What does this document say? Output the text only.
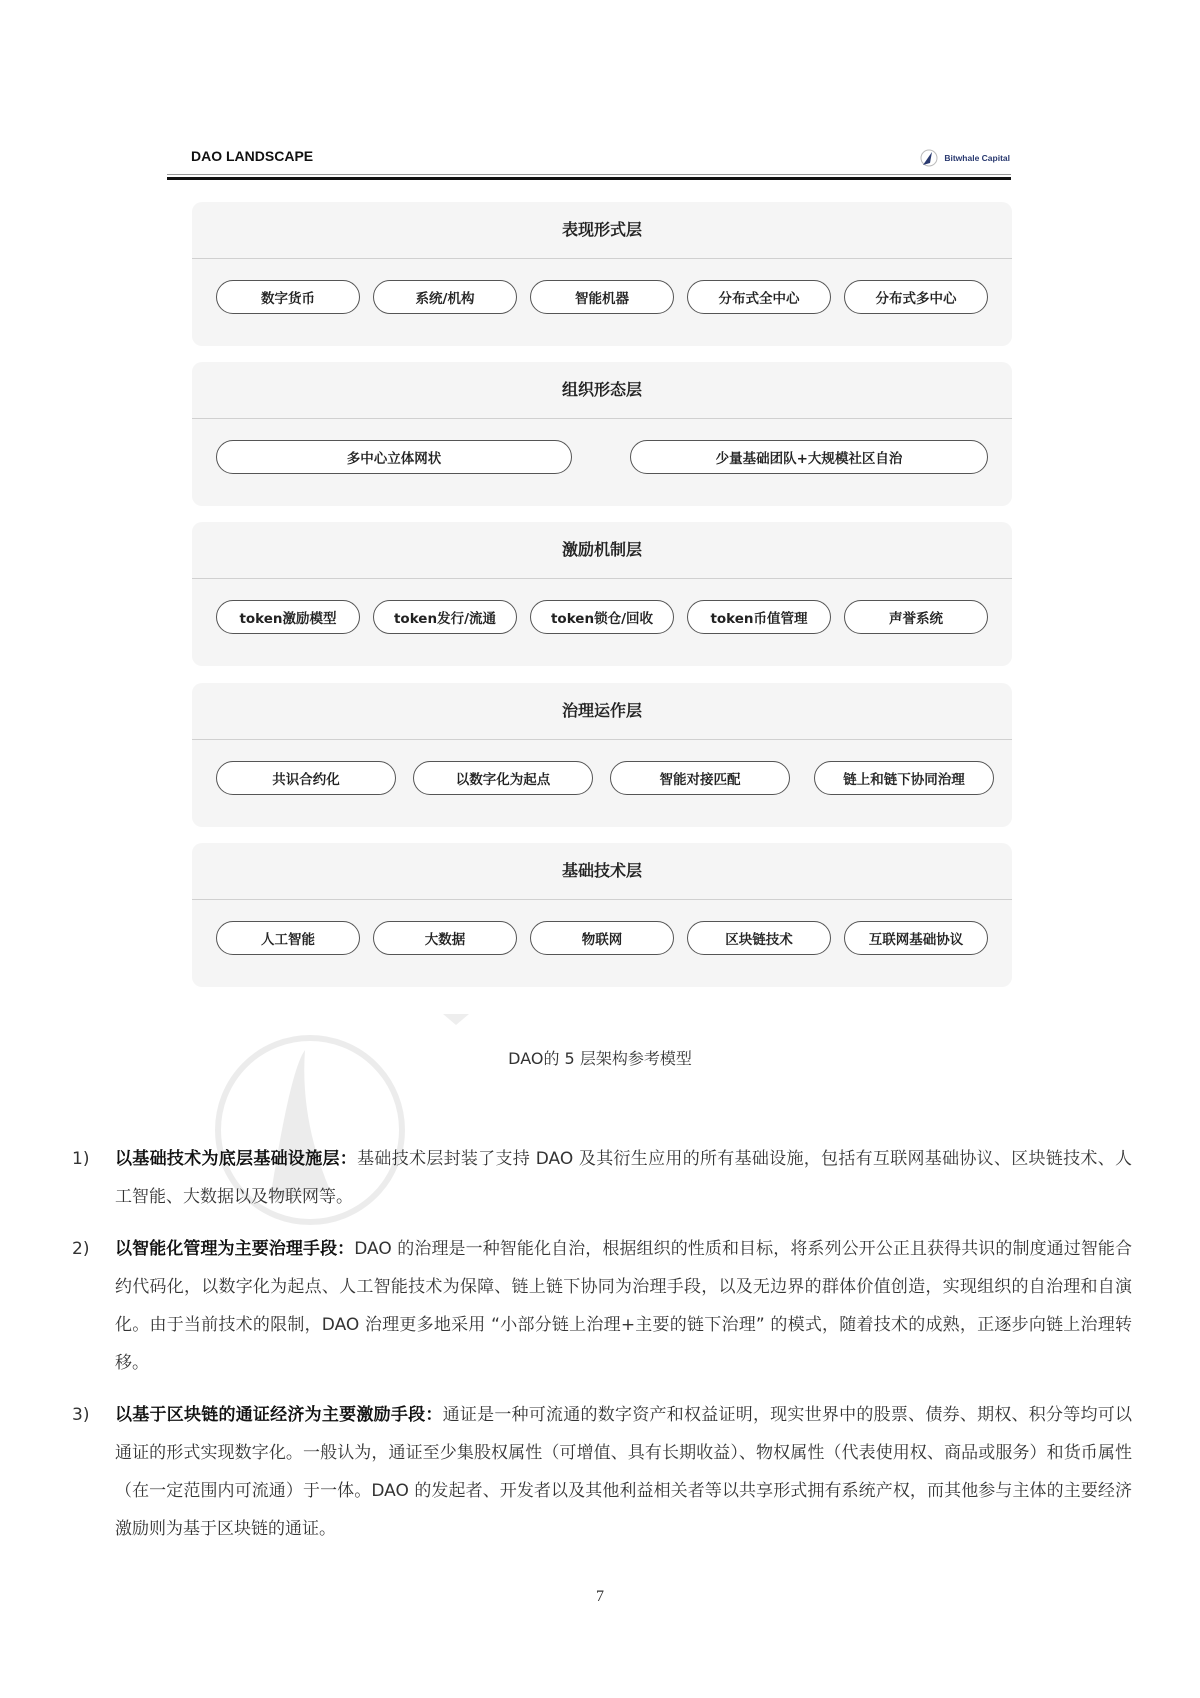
DAO LANDSCAPE	Bitwhale Capital
表现形式层
数字货币	系统/机构	智能机器	分布式全中心	分布式多中心
组织形态层
多中心立体网状	少量基础团队+大规模社区自治
激励机制层
token激励模型	token发行/流通	token锁仓/回收	token币值管理	声誉系统
治理运作层
共识合约化	以数字化为起点	智能对接匹配	链上和链下协同治理
基础技术层
人工智能	大数据	物联网	区块链技术	互联网基础协议
DAO的 5 层架构参考模型
1) 以基础技术为底层基础设施层：基础技术层封装了支持 DAO 及其衍生应用的所有基础设施，包括有互联网基础协议、区块链技术、人工智能、大数据以及物联网等。
2) 以智能化管理为主要治理手段：DAO 的治理是一种智能化自治，根据组织的性质和目标，将系列公开公正且获得共识的制度通过智能合约代码化，以数字化为起点、人工智能技术为保障、链上链下协同为治理手段，以及无边界的群体价值创造，实现组织的自治理和自演化。由于当前技术的限制，DAO 治理更多地采用 “小部分链上治理+主要的链下治理” 的模式，随着技术的成熟，正逐步向链上治理转移。
3) 以基于区块链的通证经济为主要激励手段：通证是一种可流通的数字资产和权益证明，现实世界中的股票、债券、期权、积分等均可以通证的形式实现数字化。一般认为，通证至少集股权属性（可增值、具有长期收益）、物权属性（代表使用权、商品或服务）和货币属性（在一定范围内可流通）于一体。DAO 的发起者、开发者以及其他利益相关者等以共享形式拥有系统产权，而其他参与主体的主要经济激励则为基于区块链的通证。
7
